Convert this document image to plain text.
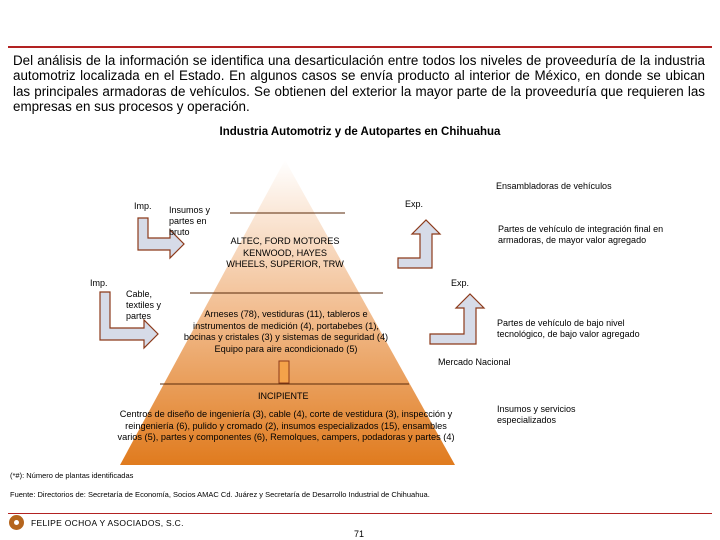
Del análisis de la información se identifica una desarticulación entre todos los niveles de proveeduría de la industria automotriz localizada en el Estado. En algunos casos se envía producto al interior de México, en donde se ubican las principales armadoras de vehículos. Se obtienen del exterior la mayor parte de la proveeduría que requieren las empresas en sus procesos y operación.
Industria Automotriz y de Autopartes en Chihuahua
Ensambladoras de vehículos
Imp. Insumos y partes en bruto
Exp.
ALTEC, FORD MOTORES KENWOOD, HAYES WHEELS, SUPERIOR, TRW
Partes de vehículo de integración final en armadoras, de mayor valor agregado
Imp.
Cable, textiles y partes
Exp.
Arneses (78), vestiduras (11), tableros e instrumentos de medición (4), portabebes (1), bocinas y cristales (3) y sistemas de seguridad (4) Equipo para aire acondicionado (5)
Partes de vehículo de bajo nivel tecnológico, de bajo valor agregado
Mercado Nacional
INCIPIENTE
Centros de diseño de ingeniería (3), cable (4), corte de vestidura (3), inspección y reingeniería (6), pulido y cromado (2), insumos especializados (15), ensambles varios (5), partes y componentes (6), Remolques, campers, podadoras y partes (4)
Insumos y servicios especializados
(*#): Número de plantas identificadas
Fuente: Directorios de: Secretaría de Economía, Socios AMAC Cd. Juárez y Secretaría de Desarrollo Industrial de Chihuahua.
FELIPE OCHOA Y ASOCIADOS, S.C.
71
